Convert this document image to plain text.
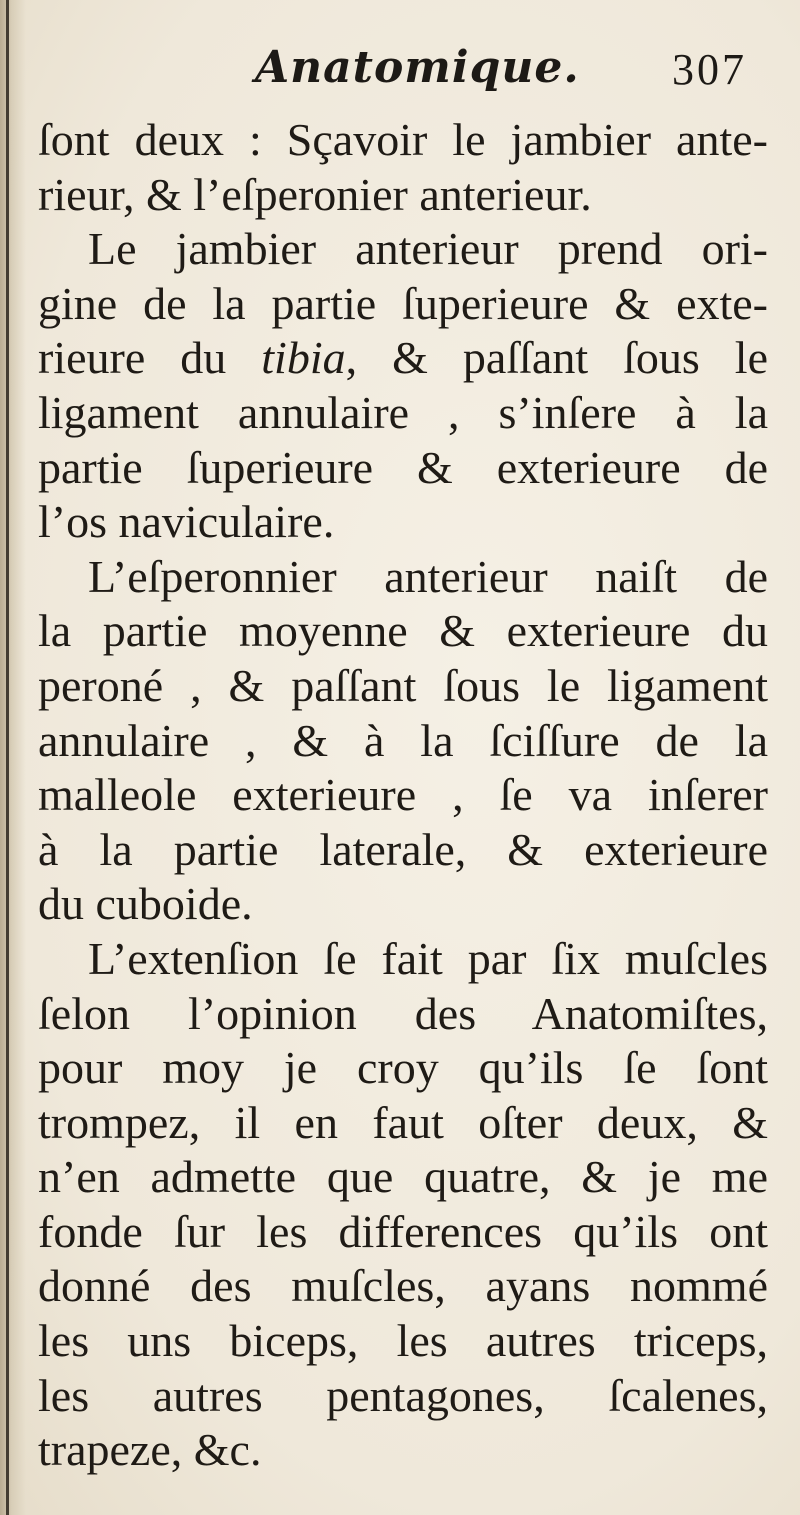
Anatomique. 307
ſont deux : Sçavoir le jambier ante-
rieur, & l’eſperonier anterieur.
Le jambier anterieur prend ori-
gine de la partie ſuperieure & exte-
rieure du tibia, & paſſant ſous le
ligament annulaire , s’inſere à la
partie ſuperieure & exterieure de
l’os naviculaire.
L’eſperonnier anterieur naiſt de
la partie moyenne & exterieure du
peroné , & paſſant ſous le ligament
annulaire , & à la ſciſſure de la
malleole exterieure , ſe va inſerer
à la partie laterale, & exterieure
du cuboide.
L’extenſion ſe fait par ſix muſcles
ſelon l’opinion des Anatomiſtes,
pour moy je croy qu’ils ſe ſont
trompez, il en faut oſter deux, &
n’en admette que quatre, & je me
fonde ſur les differences qu’ils ont
donné des muſcles, ayans nommé
les uns biceps, les autres triceps,
les autres pentagones, ſcalenes,
trapeze, &c.
